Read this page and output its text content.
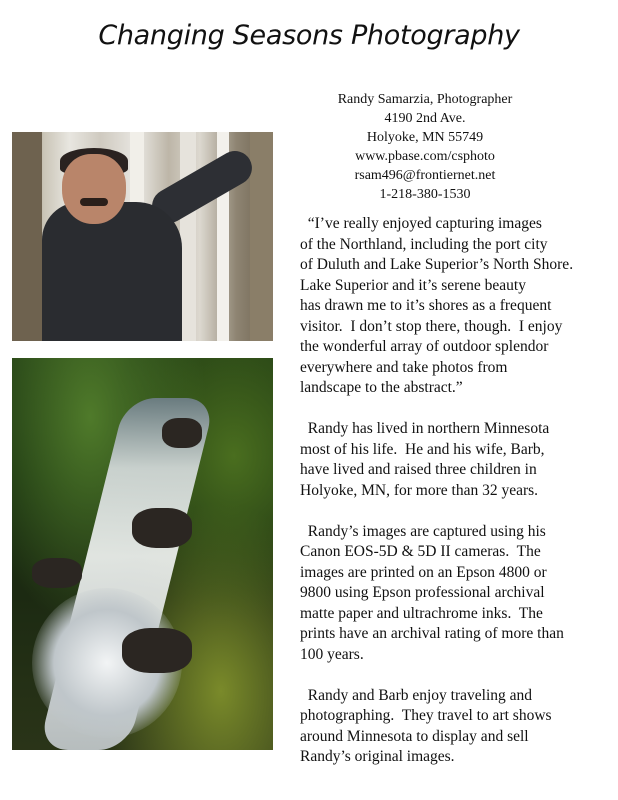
Changing Seasons Photography
Randy Samarzia, Photographer
4190 2nd Ave.
Holyoke, MN 55749
www.pbase.com/csphoto
rsam496@frontiernet.net
1-218-380-1530
“I’ve really enjoyed capturing images
of the Northland, including the port city
of Duluth and Lake Superior’s North Shore.
Lake Superior and it’s serene beauty
has drawn me to it’s shores as a frequent
visitor.  I don’t stop there, though.  I enjoy
the wonderful array of outdoor splendor
everywhere and take photos from
landscape to the abstract.”
Randy has lived in northern Minnesota
most of his life.  He and his wife, Barb,
have lived and raised three children in
Holyoke, MN, for more than 32 years.
Randy’s images are captured using his
Canon EOS-5D & 5D II cameras.  The
images are printed on an Epson 4800 or
9800 using Epson professional archival
matte paper and ultrachrome inks.  The
prints have an archival rating of more than
100 years.
Randy and Barb enjoy traveling and
photographing.  They travel to art shows
around Minnesota to display and sell
Randy’s original images.
